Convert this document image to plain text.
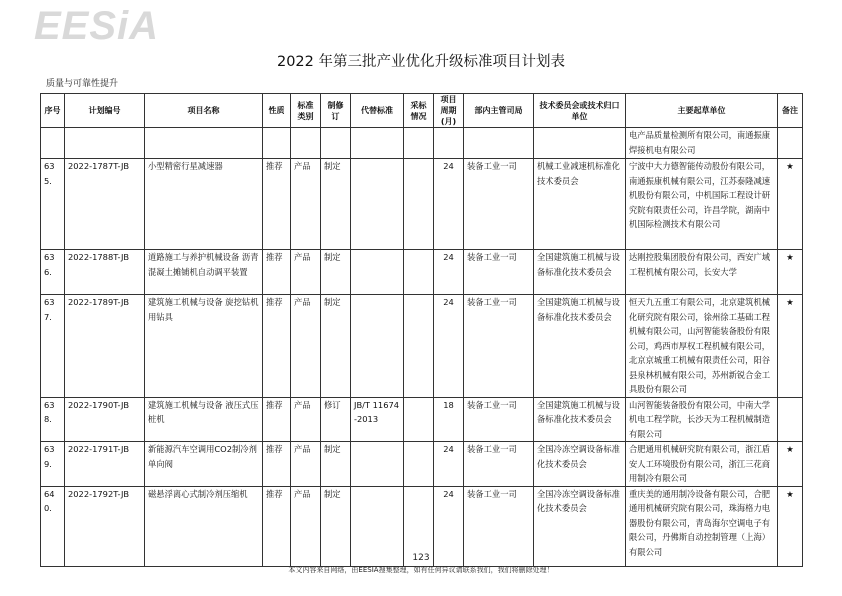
EESiA
2022 年第三批产业优化升级标准项目计划表
质量与可靠性提升
序号	计划编号	项目名称	性质	标准类别	制修订	代替标准	采标情况	项目周期(月)	部内主管司局	技术委员会或技术归口单位	主要起草单位	备注
											电产品质量检测所有限公司，南通振康焊接机电有限公司	
635.	2022-1787T-JB	小型精密行星减速器	推荐	产品	制定			24	装备工业一司	机械工业减速机标准化技术委员会	宁波中大力德智能传动股份有限公司，南通振康机械有限公司，江苏泰隆减速机股份有限公司，中机国际工程设计研究院有限责任公司，许昌学院，湖南中机国际检测技术有限公司	★
636.	2022-1788T-JB	道路施工与养护机械设备 沥青混凝土摊铺机自动调平装置	推荐	产品	制定			24	装备工业一司	全国建筑施工机械与设备标准化技术委员会	达刚控股集团股份有限公司，西安广域工程机械有限公司，长安大学	★
637.	2022-1789T-JB	建筑施工机械与设备 旋挖钻机用钻具	推荐	产品	制定			24	装备工业一司	全国建筑施工机械与设备标准化技术委员会	恒天九五重工有限公司，北京建筑机械化研究院有限公司，徐州徐工基础工程机械有限公司，山河智能装备股份有限公司，鸡西市厚权工程机械有限公司，北京京城重工机械有限责任公司，阳谷县泉林机械有限公司，苏州新锐合金工具股份有限公司	★
638.	2022-1790T-JB	建筑施工机械与设备 液压式压桩机	推荐	产品	修订	JB/T 11674-2013		18	装备工业一司	全国建筑施工机械与设备标准化技术委员会	山河智能装备股份有限公司，中南大学机电工程学院，长沙天为工程机械制造有限公司	
639.	2022-1791T-JB	新能源汽车空调用CO2制冷剂单向阀	推荐	产品	制定			24	装备工业一司	全国冷冻空调设备标准化技术委员会	合肥通用机械研究院有限公司，浙江盾安人工环境股份有限公司，浙江三花商用制冷有限公司	★
640.	2022-1792T-JB	磁悬浮离心式制冷剂压缩机	推荐	产品	制定			24	装备工业一司	全国冷冻空调设备标准化技术委员会	重庆美的通用制冷设备有限公司，合肥通用机械研究院有限公司，珠海格力电器股份有限公司，青岛海尔空调电子有限公司，丹佛斯自动控制管理（上海）有限公司	★
123
本文内容来自网络，由EESIA搜集整理，如有任何异议请联系我们，我们将删除处理！
